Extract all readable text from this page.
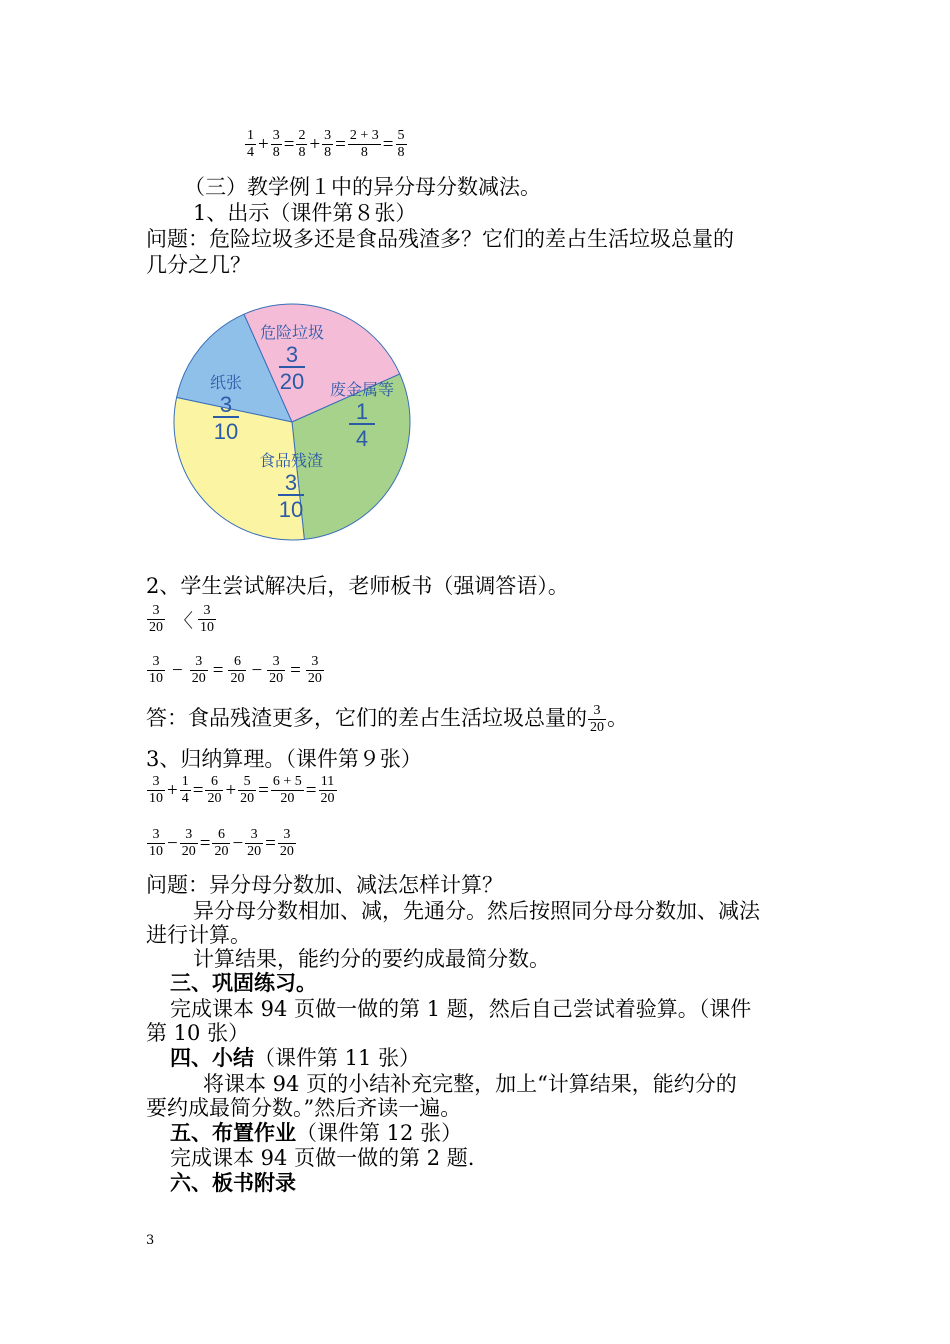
$\frac{1}{4} + \frac{3}{8} = \frac{2}{8} + \frac{3}{8} = \frac{2 + 3}{8} = \frac{5}{8}$
（三）教学例１中的异分母分数减法。
1、出示（课件第８张）
问题：危险垃圾多还是食品残渣多？它们的差占生活垃圾总量的
几分之几？
危险垃圾
3
20 废金属等
1
4
食品残渣
3
10
纸张
3
10
2、学生尝试解决后，老师板书（强调答语）。
$\frac{3}{20}$ 〈 $\frac{3}{10}$
$\frac{3}{10} - \frac{3}{20} = \frac{6}{20} - \frac{3}{20} = \frac{3}{20}$
答：食品残渣更多，它们的差占生活垃圾总量的 $\frac{3}{20}$ 。
3、归纳算理。（课件第９张）
$\frac{3}{10} + \frac{1}{4} = \frac{6}{20} + \frac{5}{20} = \frac{6 + 5}{20} = \frac{11}{20}$
$\frac{3}{10} - \frac{3}{20} = \frac{6}{20} - \frac{3}{20} = \frac{3}{20}$
问题：异分母分数加、减法怎样计算？
异分母分数相加、减，先通分。然后按照同分母分数加、减法
进行计算。
计算结果，能约分的要约成最简分数。
三、巩固练习。
完成课本 94 页做一做的第 1 题，然后自己尝试着验算。（课件
第 10 张）
四、小结（课件第 11 张）
将课本 94 页的小结补充完整，加上“计算结果，能约分的
要约成最简分数。”然后齐读一遍。
五、布置作业（课件第 12 张）
完成课本 94 页做一做的第 2 题.
六、板书附录
3
